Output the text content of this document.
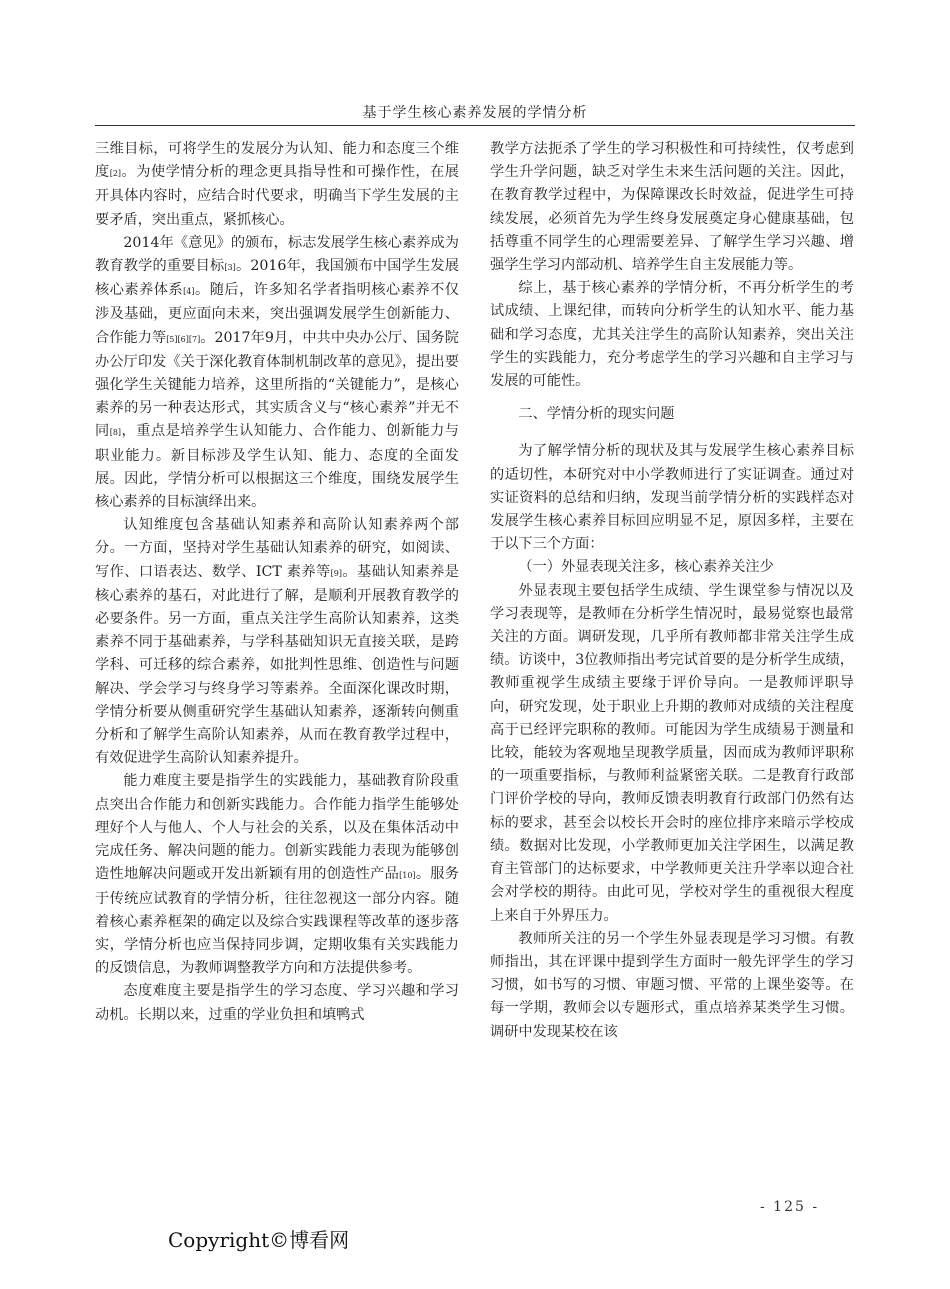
基于学生核心素养发展的学情分析

三维目标，可将学生的发展分为认知、能力和态度三个维度[2]。为使学情分析的理念更具指导性和可操作性，在展开具体内容时，应结合时代要求，明确当下学生发展的主要矛盾，突出重点，紧抓核心。

2014年《意见》的颁布，标志发展学生核心素养成为教育教学的重要目标[3]。2016年，我国颁布中国学生发展核心素养体系[4]。随后，许多知名学者指明核心素养不仅涉及基础，更应面向未来，突出强调发展学生创新能力、合作能力等[5][6][7]。2017年9月，中共中央办公厅、国务院办公厅印发《关于深化教育体制机制改革的意见》，提出要强化学生关键能力培养，这里所指的“关键能力”，是核心素养的另一种表达形式，其实质含义与“核心素养”并无不同[8]，重点是培养学生认知能力、合作能力、创新能力与职业能力。新目标涉及学生认知、能力、态度的全面发展。因此，学情分析可以根据这三个维度，围绕发展学生核心素养的目标演绎出来。

认知维度包含基础认知素养和高阶认知素养两个部分。一方面，坚持对学生基础认知素养的研究，如阅读、写作、口语表达、数学、ICT 素养等[9]。基础认知素养是核心素养的基石，对此进行了解，是顺利开展教育教学的必要条件。另一方面，重点关注学生高阶认知素养，这类素养不同于基础素养，与学科基础知识无直接关联，是跨学科、可迁移的综合素养，如批判性思维、创造性与问题解决、学会学习与终身学习等素养。全面深化课改时期，学情分析要从侧重研究学生基础认知素养，逐渐转向侧重分析和了解学生高阶认知素养，从而在教育教学过程中，有效促进学生高阶认知素养提升。

能力难度主要是指学生的实践能力，基础教育阶段重点突出合作能力和创新实践能力。合作能力指学生能够处理好个人与他人、个人与社会的关系，以及在集体活动中完成任务、解决问题的能力。创新实践能力表现为能够创造性地解决问题或开发出新颖有用的创造性产品[10]。服务于传统应试教育的学情分析，往往忽视这一部分内容。随着核心素养框架的确定以及综合实践课程等改革的逐步落实，学情分析也应当保持同步调，定期收集有关实践能力的反馈信息，为教师调整教学方向和方法提供参考。

态度难度主要是指学生的学习态度、学习兴趣和学习动机。长期以来，过重的学业负担和填鸭式

教学方法扼杀了学生的学习积极性和可持续性，仅考虑到学生升学问题，缺乏对学生未来生活问题的关注。因此，在教育教学过程中，为保障课改长时效益，促进学生可持续发展，必须首先为学生终身发展奠定身心健康基础，包括尊重不同学生的心理需要差异、了解学生学习兴趣、增强学生学习内部动机、培养学生自主发展能力等。

综上，基于核心素养的学情分析，不再分析学生的考试成绩、上课纪律，而转向分析学生的认知水平、能力基础和学习态度，尤其关注学生的高阶认知素养，突出关注学生的实践能力，充分考虑学生的学习兴趣和自主学习与发展的可能性。

二、学情分析的现实问题

为了解学情分析的现状及其与发展学生核心素养目标的适切性，本研究对中小学教师进行了实证调查。通过对实证资料的总结和归纳，发现当前学情分析的实践样态对发展学生核心素养目标回应明显不足，原因多样，主要在于以下三个方面：

（一）外显表现关注多，核心素养关注少

外显表现主要包括学生成绩、学生课堂参与情况以及学习表现等，是教师在分析学生情况时，最易觉察也最常关注的方面。调研发现，几乎所有教师都非常关注学生成绩。访谈中，3位教师指出考完试首要的是分析学生成绩，教师重视学生成绩主要缘于评价导向。一是教师评职导向，研究发现，处于职业上升期的教师对成绩的关注程度高于已经评完职称的教师。可能因为学生成绩易于测量和比较，能较为客观地呈现教学质量，因而成为教师评职称的一项重要指标，与教师利益紧密关联。二是教育行政部门评价学校的导向，教师反馈表明教育行政部门仍然有达标的要求，甚至会以校长开会时的座位排序来暗示学校成绩。数据对比发现，小学教师更加关注学困生，以满足教育主管部门的达标要求，中学教师更关注升学率以迎合社会对学校的期待。由此可见，学校对学生的重视很大程度上来自于外界压力。

教师所关注的另一个学生外显表现是学习习惯。有教师指出，其在评课中提到学生方面时一般先评学生的学习习惯，如书写的习惯、审题习惯、平常的上课坐姿等。在每一学期，教师会以专题形式，重点培养某类学生习惯。调研中发现某校在该

- 125 -
Copyright©博看网
